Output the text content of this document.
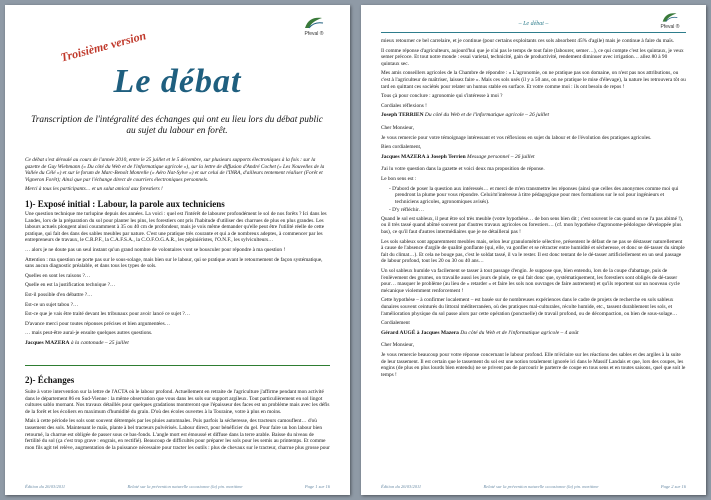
Pfeval ®
Troisième version
Le débat
Transcription de l'intégralité des échanges qui ont eu lieu lors du débat public au sujet du labour en forêt.

Ce débat s'est déroulé au cours de l'année 2010, entre le 25 juillet et le 5 décembre, sur plusieurs supports électroniques à la fois : sur la gazette de Guy Wiebmann (« Du côté du Web et de l'informatique agricole »), sur la lettre de diffusion d'André Cochet (« Les Nouvelles de la Vallée du Célé ») et sur le forum de Marc-Benoît Monrelle (« Aéro Nat-Sylve ») et sur celui de l'INRA, d'ailleurs tentement réaliser (Forêt et Vigneron Forêt); Ainsi que par l'échange direct de courriers électroniques personnels.

Merci à tous les participants… et un salut amical aux forestiers !

1)- Exposé initial : Labour, la parole aux techniciens

Une question technique me turlupine depuis des années. La voici : quel est l'intérêt de labourer profondément le sol de nos forêts ? Ici dans les Landes, lors de la préparation du sol pour planter les pins, les forestiers ont pris l'habitude d'utiliser des charrues de plus en plus grandes. Les labours actuels plongent ainsi couramment à 35 ou 40 cm de profondeur, mais je vois même demander qu'elle peut être l'utilité réelle de cette pratique, qui fait des dans des sables meubles par nature. C'est une pratique très courante et qui a de nombreux adeptes, à commencer par les entrepreneurs de travaux, le C.R.P.F., la C.A.F.S.A., la C.O.F.O.G.A.R., les pépiniéristes, l'O.N.F., les sylviculteurs…

… alors je ne doute pas un seul instant qu'un grand nombre de volontaires vont se bousculer pour répondre à ma question !

Attention : ma question ne porte pas sur le sous-solage, mais bien sur le labour, qui se pratique avant le retournement de façon systématique, sans aucun diagnostic préalable, et dans tous les types de sols.

Quelles en sont les raisons ?…

Quelle en est la justification technique ?…

Est-il possible d'en débattre ?…

Est-ce un sujet tabou ?…

Est-ce que je vais être traité devant les tribunaux pour avoir lancé ce sujet ?…

D'avance merci pour toutes réponses précises et bien argumentées…

… mais peut-être aurai-je ensuite quelques autres questions.

Jacques MAZERA à la cantonade – 25 juillet

2)- Échanges

Suite à votre intervention sur la lettre de l'ACTA où le labour profond. Actuellement en retraite de l'agriculture j'affirme pendant mon activité dans le département 86 en Sud-Vienne : la même observation que vous dans les sols sur support argileux. Tout particulièrement en sol lingot cultures sablo mornant. Nos travaux détaillés pour quelques gradations montreront que l'épaisseur des faces est un problème mais avec les défis de la forêt et les écoliers en maximum d'humidité du grain. D'où des écoles ouvertes à la Touraine, votre à plus en moins.

Mais à cette période les sols sont souvent détrempés par les pluies automnales. Puis parfois la sécheresse, des tracteurs camouflent… d'où tassement des sols. Maintenant le maïs, plante à bel tracteurs pulvérisés. Labour direct, pour bénéficier du gel. Pour faire un bon labour bien retourné, la charrue est obligée de passer sous ce bas-fonds. L'angle mort est émoussé et diffuse dans la terre arable. Baisse du niveau de fertilité du sol (ça c'est trop grave : engrais, en rectifié). Beaucoup de difficultés pour préparer les sols pour les semis au printemps. Et comme mon fils agit tel relève, augmentation de la puissance nécessaire pour tracter les outils : plus de chevaux sur le tracteur, charrue plus grosse pour

Édition du 26/03/2011	Relaté sur la prévention naturelle occasionne (la) pin. maritime	Page 1 sur 16
– Le débat –	Pfeval ®

mieux retourner ce bel carrelaire, et je continue (pour certains exploitants ces sols absorbent 45% d'agile) mais je continue à faire du maïs.

Il comme réponse d'agriculteurs, aujourd'hui que je n'ai pas le temps de tout faire (labourer, semer…), ce qui compte c'est les quintaux, je veux semer précoce. Et tout notre monde : essai varietal, technicité, gain de productivité, rendement diminuer avec irrigation… allez 80 à 90 quintaux sec.

Mes amis conseillers agricoles de la Chambre de répondre : « L'agronomie, on ne pratique pas son domaine, on n'est pas nos attributions, ou c'est à l'agriculteur de maîtriser, laissez faire ». Mais ces sols usés (il y a 50 ans, on ne pratique le mise d'élevage), la nature les retrouvera tôt ou tard en quittant ces sociétés pour relater un humus stable en surface. Et votre comme moi : ils ont besoin de repos !

Tous çà pour conclure : agronomie qui s'intéresse à moi ?

Cordiales réflexions !

Joseph TERRIEN Du côté du Web et de l'informatique agricole – 26 juillet

Cher Monsieur,

Je vous remercie pour votre témoignage intéressant et vos réflexions en sujet du labour et de l'évolution des pratiques agricoles.

Bien cordialement,

Jacques MAZERA à Joseph Terrien Message personnel – 26 juillet

J'ai lu votre question dans la gazette et voici deux ma proposition de réponse.

Le bon sens est :

- D'abord de poser la question aux intéressés… et merci de m'en transmettre les réponses (ainsi que celles des anonymes comme moi qui prendront la plume pour vous répondre. Celui/m'intéresse à titre pédagogique pour mes formations sur le sol pour ingénieurs et techniciens agricoles, agronomiques avisés).
- D'y réfléchir…

Quand le sol est sableux, il peut être sol très meuble (votre hypothèse… de bon sens bien dit ; c'est souvent le cas quand on ne l'a pas abimé !), ou il très tassé quand abîmé souvent par d'autres travaux agricoles ou forestiers… (cf. mon hypothèse d'agronome-pédologue développée plus bas), ce qu'il faut d'autres intermédiaires que je ne détaillerai pas !

Les sols sableux sont apparemment meubles mais, selon leur granulométrie sélective, présentent le défaut de ne pas se déstasser naturellement à cause de l'absence d'argile de qualité gonflante (qui, elle, va gonfler et se rétracter entre humidité et sécheresse, et donc se dé-tasser du simple fait du climat…). Et cela ne bouge pas, c'est le soldat tassé, il va le rester. Il est donc tentant de le dé-tasser artificiellement en un seul passage de labour profond, tout les 20 ou 30 ou 40 ans…

Un sol sableux humide va facilement se tasser à tout passage d'engin. Je suppose que, bien entendu, lors de la coupe d'abattage, puis de l'enlèvement des grumes, on travaille aussi les jours de pluie, ce qui fait donc que, systématiquement, les forestiers sont obligés de dé-tasser pour… masquer le problème (au lieu de « retarder » et faire les sols non ouvrages de faire autrement) et qu'ils reportent sur un nouveau cycle mécanique violemment renforcement !

Cette hypothèse – à confirmer localement – est basée sur de nombreuses expériences dans le cadre de projets de recherche en sols sableux dunaires souvent ceinturés du littoral méditerranéen, où des pratiques mal-culturales, récolte humide, etc., tassent durablement les sols, et l'amélioration physique du sol passe alors par cette opération (ponctuelle) de travail profond, ou de décompaction, ou bien de sous-solage…

Cordialement

Gérard AUGÉ à Jacques Mazera Du côté du Web et de l'informatique agricole – 4 août

Cher Monsieur,

Je vous remercie beaucoup pour votre réponse concernant le labour profond. Elle m'éclaire sur les réactions des sables et des argiles à la suite de leur tassement. Il est certain que le tassement du sol est une notion totalement ignorée ici dans le Massif Landais et que, lors des coupes, les engins (de plus en plus lourds bien entendu) ne se privent pas de parcourir le parterre de coupe en tous sens et en toutes saisons, quel que soit le temps !

Édition du 26/03/2011	Relaté sur la prévention naturelle occasionne (la) pin. maritime	Page 2 sur 16
